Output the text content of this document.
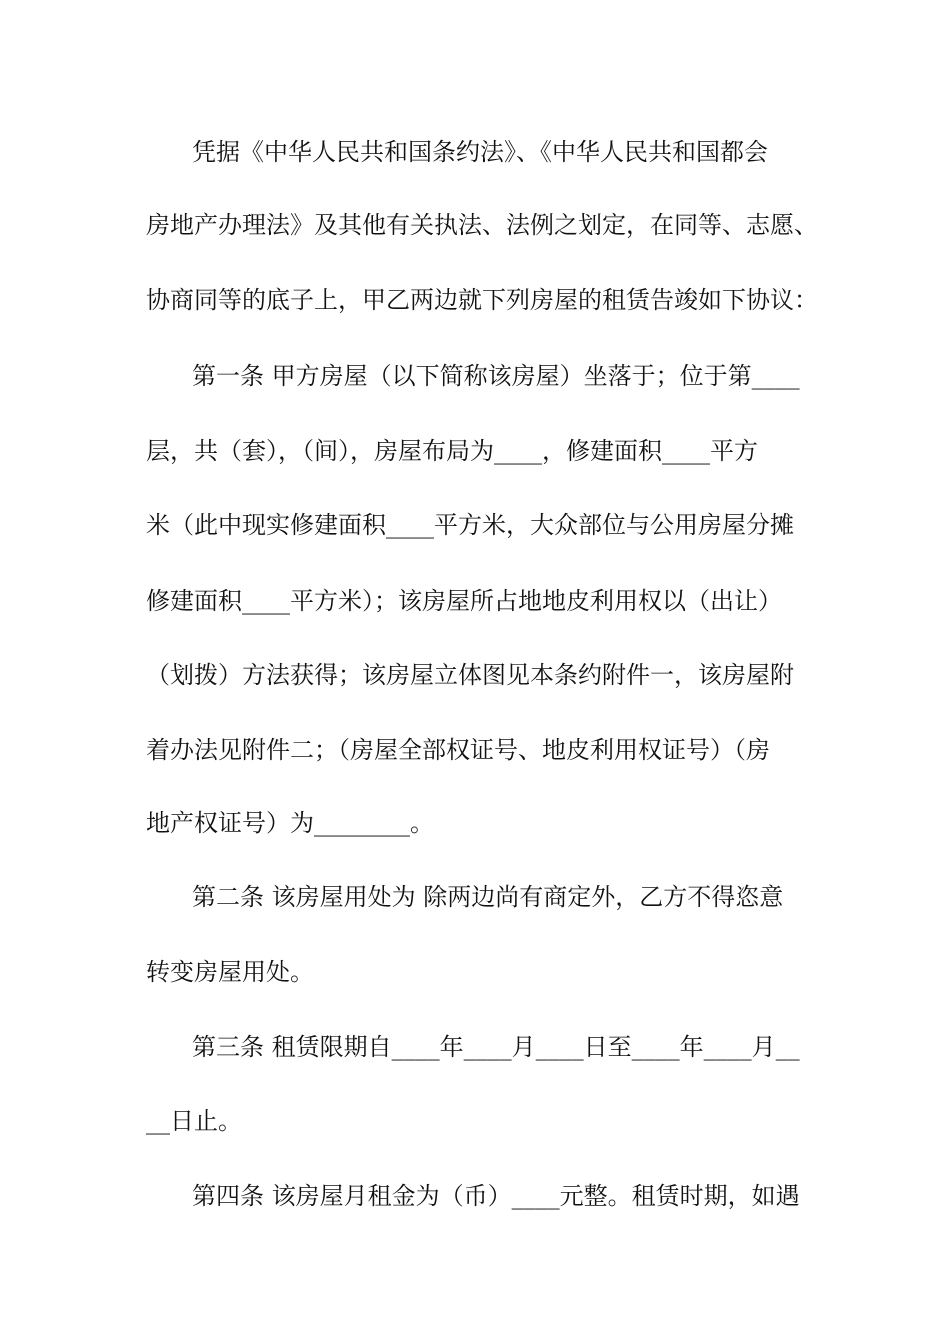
凭据《中华人民共和国条约法》、《中华人民共和国都会
房地产办理法》及其他有关执法、法例之划定，在同等、志愿、
协商同等的底子上，甲乙两边就下列房屋的租赁告竣如下协议：
第一条 甲方房屋（以下简称该房屋）坐落于；位于第____
层，共（套），（间），房屋布局为____，修建面积____平方
米（此中现实修建面积____平方米，大众部位与公用房屋分摊
修建面积____平方米）；该房屋所占地地皮利用权以（出让）
（划拨）方法获得；该房屋立体图见本条约附件一，该房屋附
着办法见附件二；（房屋全部权证号、地皮利用权证号）（房
地产权证号）为________。
第二条 该房屋用处为 除两边尚有商定外，乙方不得恣意
转变房屋用处。
第三条 租赁限期自____年____月____日至____年____月__
__日止。
第四条 该房屋月租金为（币）____元整。租赁时期，如遇
